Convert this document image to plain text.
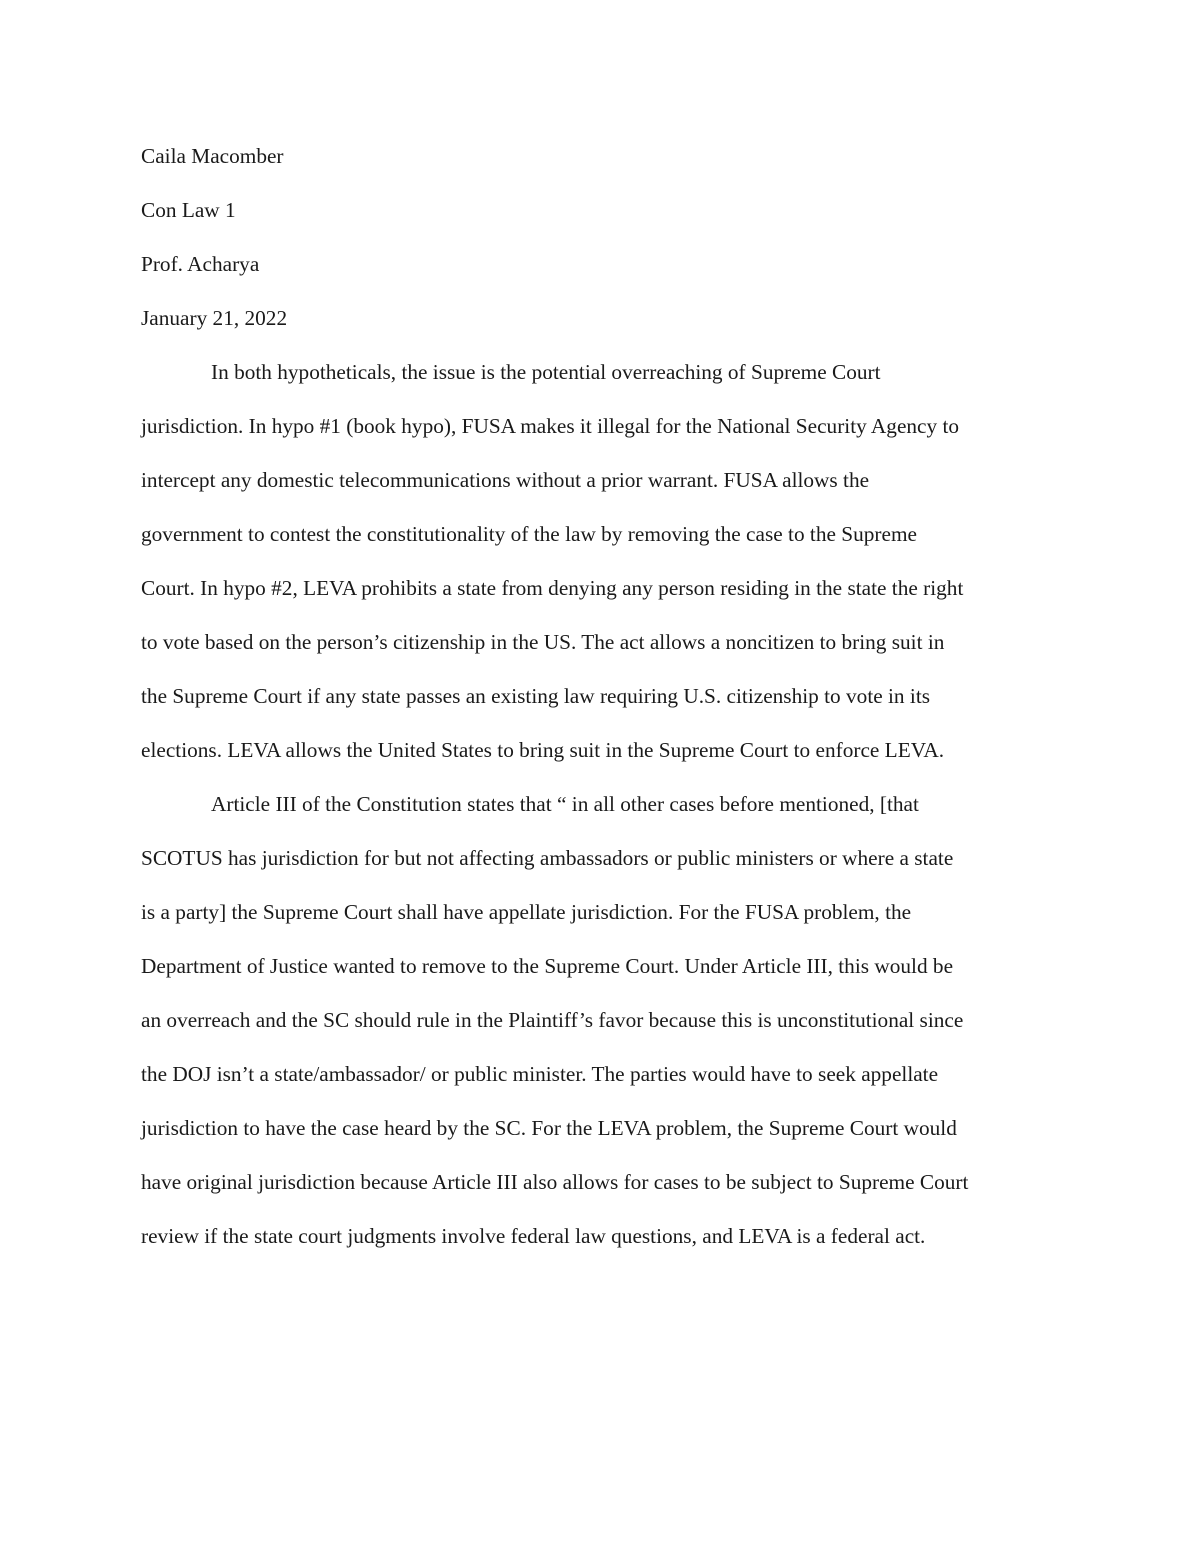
Caila Macomber

Con Law 1

Prof. Acharya

January 21, 2022

In both hypotheticals, the issue is the potential overreaching of Supreme Court
jurisdiction. In hypo #1 (book hypo), FUSA makes it illegal for the National Security Agency to
intercept any domestic telecommunications without a prior warrant. FUSA allows the
government to contest the constitutionality of the law by removing the case to the Supreme
Court. In hypo #2, LEVA prohibits a state from denying any person residing in the state the right
to vote based on the person’s citizenship in the US. The act allows a noncitizen to bring suit in
the Supreme Court if any state passes an existing law requiring U.S. citizenship to vote in its
elections. LEVA allows the United States to bring suit in the Supreme Court to enforce LEVA.

Article III of the Constitution states that “ in all other cases before mentioned, [that
SCOTUS has jurisdiction for but not affecting ambassadors or public ministers or where a state
is a party] the Supreme Court shall have appellate jurisdiction. For the FUSA problem, the
Department of Justice wanted to remove to the Supreme Court. Under Article III, this would be
an overreach and the SC should rule in the Plaintiff’s favor because this is unconstitutional since
the DOJ isn’t a state/ambassador/ or public minister. The parties would have to seek appellate
jurisdiction to have the case heard by the SC. For the LEVA problem, the Supreme Court would
have original jurisdiction because Article III also allows for cases to be subject to Supreme Court
review if the state court judgments involve federal law questions, and LEVA is a federal act.
